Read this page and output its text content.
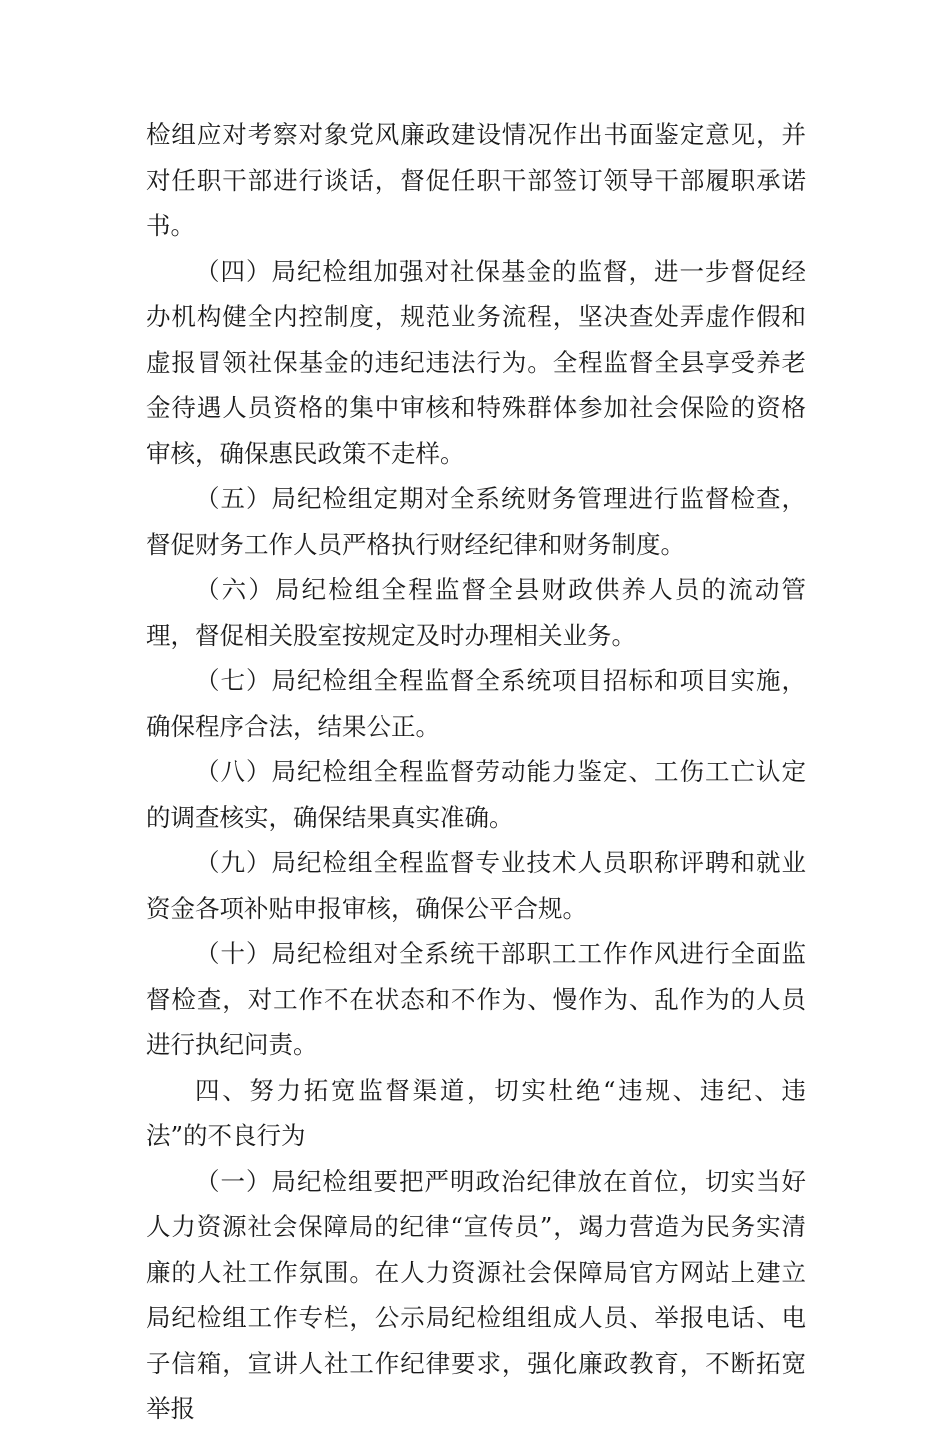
检组应对考察对象党风廉政建设情况作出书面鉴定意见，并对任职干部进行谈话，督促任职干部签订领导干部履职承诺书。

（四）局纪检组加强对社保基金的监督，进一步督促经办机构健全内控制度，规范业务流程，坚决查处弄虚作假和虚报冒领社保基金的违纪违法行为。全程监督全县享受养老金待遇人员资格的集中审核和特殊群体参加社会保险的资格审核，确保惠民政策不走样。

（五）局纪检组定期对全系统财务管理进行监督检查，督促财务工作人员严格执行财经纪律和财务制度。

（六）局纪检组全程监督全县财政供养人员的流动管理，督促相关股室按规定及时办理相关业务。

（七）局纪检组全程监督全系统项目招标和项目实施，确保程序合法，结果公正。

（八）局纪检组全程监督劳动能力鉴定、工伤工亡认定的调查核实，确保结果真实准确。

（九）局纪检组全程监督专业技术人员职称评聘和就业资金各项补贴申报审核，确保公平合规。

（十）局纪检组对全系统干部职工工作作风进行全面监督检查，对工作不在状态和不作为、慢作为、乱作为的人员进行执纪问责。

四、努力拓宽监督渠道，切实杜绝“违规、违纪、违法”的不良行为

（一）局纪检组要把严明政治纪律放在首位，切实当好人力资源社会保障局的纪律“宣传员”，竭力营造为民务实清廉的人社工作氛围。在人力资源社会保障局官方网站上建立局纪检组工作专栏，公示局纪检组组成人员、举报电话、电子信箱，宣讲人社工作纪律要求，强化廉政教育，不断拓宽举报
